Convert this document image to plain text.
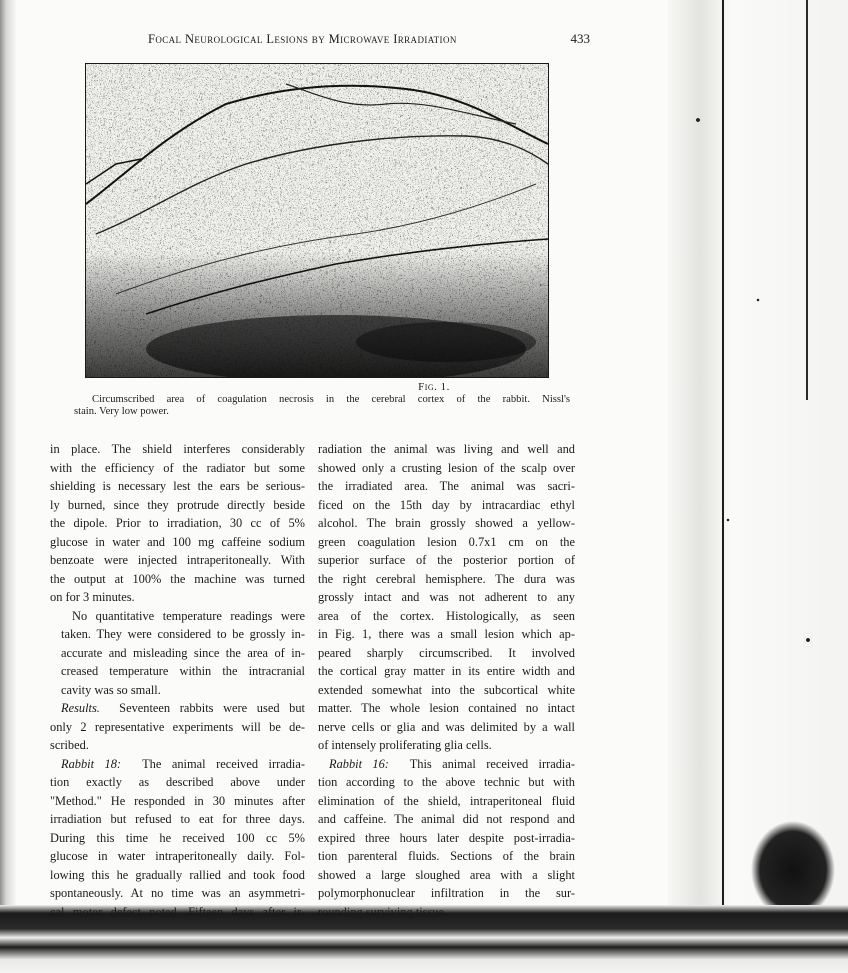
Focal Neurological Lesions by Microwave Irradiation	433
Fig. 1.
Circumscribed area of coagulation necrosis in the cerebral cortex of the rabbit. Nissl's
stain. Very low power.

in place. The shield interferes considerably
with the efficiency of the radiator but some
shielding is necessary lest the ears be serious-
ly burned, since they protrude directly beside
the dipole. Prior to irradiation, 30 cc of 5%
glucose in water and 100 mg caffeine sodium
benzoate were injected intraperitoneally. With
the output at 100% the machine was turned
on for 3 minutes.

No quantitative temperature readings were
taken. They were considered to be grossly in-
accurate and misleading since the area of in-
creased temperature within the intracranial
cavity was so small.

Results. Seventeen rabbits were used but
only 2 representative experiments will be de-
scribed.

Rabbit 18: The animal received irradia-
tion exactly as described above under
"Method." He responded in 30 minutes after
irradiation but refused to eat for three days.
During this time he received 100 cc 5%
glucose in water intraperitoneally daily. Fol-
lowing this he gradually rallied and took food
spontaneously. At no time was an asymmetri-
cal motor defect noted. Fifteen days after ir-

radiation the animal was living and well and
showed only a crusting lesion of the scalp over
the irradiated area. The animal was sacri-
ficed on the 15th day by intracardiac ethyl
alcohol. The brain grossly showed a yellow-
green coagulation lesion 0.7x1 cm on the
superior surface of the posterior portion of
the right cerebral hemisphere. The dura was
grossly intact and was not adherent to any
area of the cortex. Histologically, as seen
in Fig. 1, there was a small lesion which ap-
peared sharply circumscribed. It involved
the cortical gray matter in its entire width and
extended somewhat into the subcortical white
matter. The whole lesion contained no intact
nerve cells or glia and was delimited by a wall
of intensely proliferating glia cells.

Rabbit 16: This animal received irradia-
tion according to the above technic but with
elimination of the shield, intraperitoneal fluid
and caffeine. The animal did not respond and
expired three hours later despite post-irradia-
tion parenteral fluids. Sections of the brain
showed a large sloughed area with a slight
polymorphonuclear infiltration in the sur-
rounding surviving tissue.
